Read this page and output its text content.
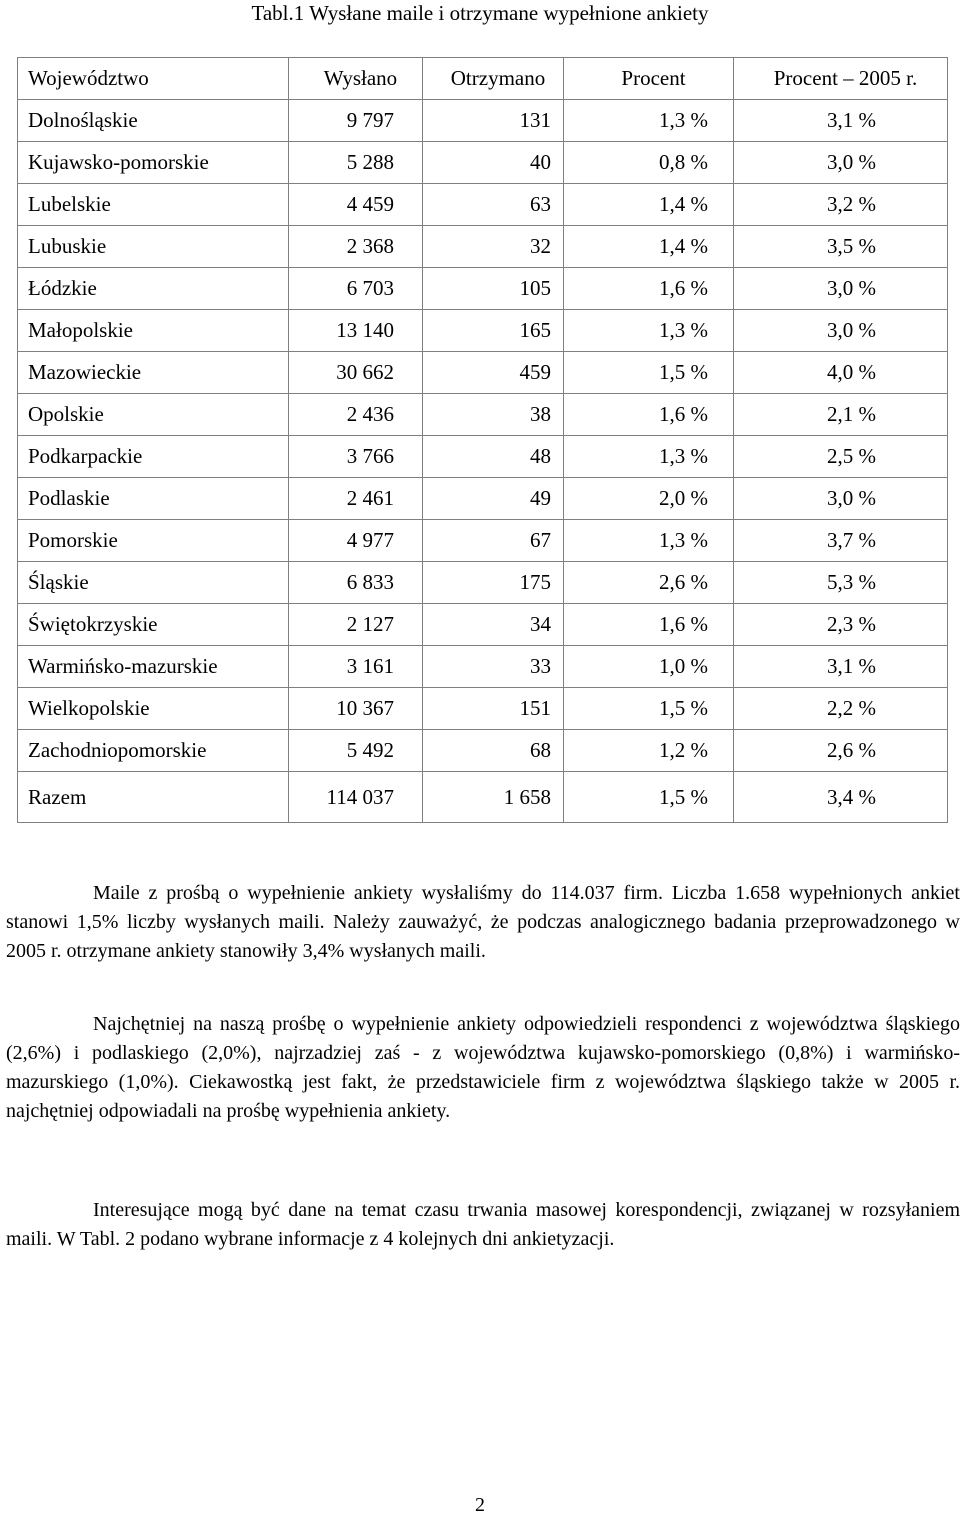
Tabl.1 Wysłane maile i otrzymane wypełnione ankiety
Województwo	Wysłano	Otrzymano	Procent	Procent – 2005 r.
Dolnośląskie	9 797	131	1,3 %	3,1 %
Kujawsko-pomorskie	5 288	40	0,8 %	3,0 %
Lubelskie	4 459	63	1,4 %	3,2 %
Lubuskie	2 368	32	1,4 %	3,5 %
Łódzkie	6 703	105	1,6 %	3,0 %
Małopolskie	13 140	165	1,3 %	3,0 %
Mazowieckie	30 662	459	1,5 %	4,0 %
Opolskie	2 436	38	1,6 %	2,1 %
Podkarpackie	3 766	48	1,3 %	2,5 %
Podlaskie	2 461	49	2,0 %	3,0 %
Pomorskie	4 977	67	1,3 %	3,7 %
Śląskie	6 833	175	2,6 %	5,3 %
Świętokrzyskie	2 127	34	1,6 %	2,3 %
Warmińsko-mazurskie	3 161	33	1,0 %	3,1 %
Wielkopolskie	10 367	151	1,5 %	2,2 %
Zachodniopomorskie	5 492	68	1,2 %	2,6 %
Razem	114 037	1 658	1,5 %	3,4 %

Maile z prośbą o wypełnienie ankiety wysłaliśmy do 114.037 firm. Liczba 1.658 wypełnionych ankiet stanowi 1,5% liczby wysłanych maili. Należy zauważyć, że podczas analogicznego badania przeprowadzonego w 2005 r. otrzymane ankiety stanowiły 3,4% wysłanych maili.

Najchętniej na naszą prośbę o wypełnienie ankiety odpowiedzieli respondenci z województwa śląskiego (2,6%) i podlaskiego (2,0%), najrzadziej zaś - z województwa kujawsko-pomorskiego (0,8%) i warmińsko-mazurskiego (1,0%). Ciekawostką jest fakt, że przedstawiciele firm z województwa śląskiego także w 2005 r. najchętniej odpowiadali na prośbę wypełnienia ankiety.

Interesujące mogą być dane na temat czasu trwania masowej korespondencji, związanej w rozsyłaniem maili. W Tabl. 2 podano wybrane informacje z 4 kolejnych dni ankietyzacji.

2
